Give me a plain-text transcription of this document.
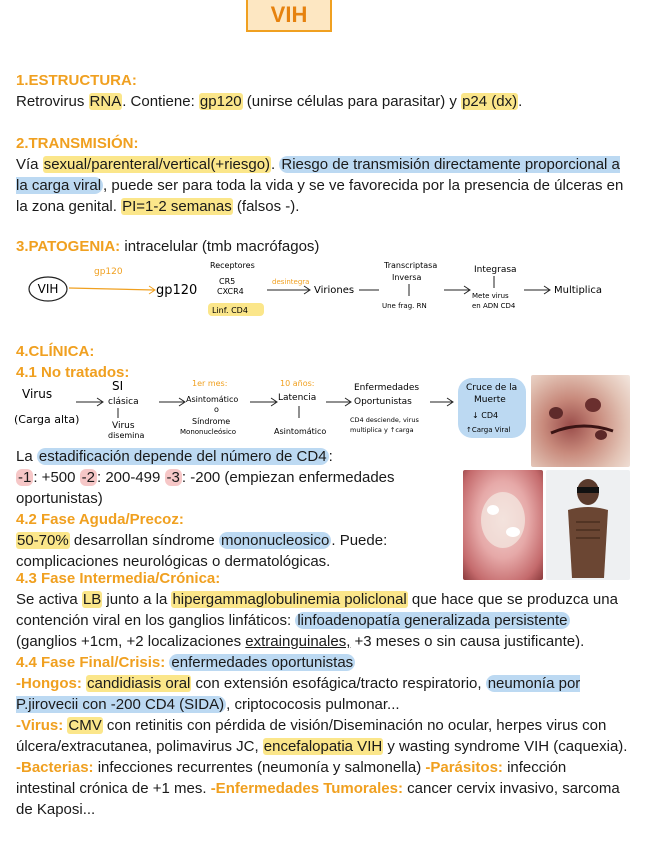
VIH
1.ESTRUCTURA:
Retrovirus RNA. Contiene: gp120 (unirse células para parasitar) y p24 (dx).
2.TRANSMISIÓN:
Vía sexual/parenteral/vertical(+riesgo). Riesgo de transmisión directamente proporcional a la carga viral , puede ser para toda la vida y se ve favorecida por la presencia de úlceras en la zona genital. PI=1-2 semanas (falsos -).
3.PATOGENIA: intracelular (tmb macrófagos)
VIH
gp120
gp120
Receptores
CR5
CXCR4
Linf. CD4
desintegra
Viriones
Transcriptasa
Inversa
Une frag. RN
Integrasa
Mete virus
en ADN CD4
Multiplica
4.CLÍNICA:
4.1 No tratados:
Virus
(Carga alta)
SI
clásica
Virus
disemina
1er mes:
Asintomático
o
Síndrome
Mononucleósico
10 años:
Latencia
Asintomático
Enfermedades
Oportunistas
CD4 desciende, virus
multiplica y ↑carga
Cruce de la
Muerte
↓ CD4
↑Carga Viral
La estadificación depende del número de CD4 :
-1 : +500 -2 : 200-499 -3 : -200 (empiezan enfermedades oportunistas)
4.2 Fase Aguda/Precoz:
50-70% desarrollan síndrome mononucleosico . Puede: complicaciones neurológicas o dermatológicas.
4.3 Fase Intermedia/Crónica:
Se activa LB junto a la hipergammaglobulinemia policlonal que hace que se produzca una contención viral en los ganglios linfáticos: linfoadenopatía generalizada persistente (ganglios +1cm, +2 localizaciones extrainguinales, +3 meses o sin causa justificante).
4.4 Fase Final/Crisis: enfermedades oportunistas
-Hongos: candidiasis oral con extensión esofágica/tracto respiratorio, neumonía por P.jirovecii con -200 CD4 (SIDA) , criptococosis pulmonar...
-Virus: CMV con retinitis con pérdida de visión/Diseminación no ocular, herpes virus con úlcera/extracutanea, polimavirus JC, encefalopatia VIH y wasting syndrome VIH (caquexia). -Bacterias: infecciones recurrentes (neumonía y salmonella) -Parásitos: infección intestinal crónica de +1 mes. -Enfermedades Tumorales: cancer cervix invasivo, sarcoma de Kaposi...
